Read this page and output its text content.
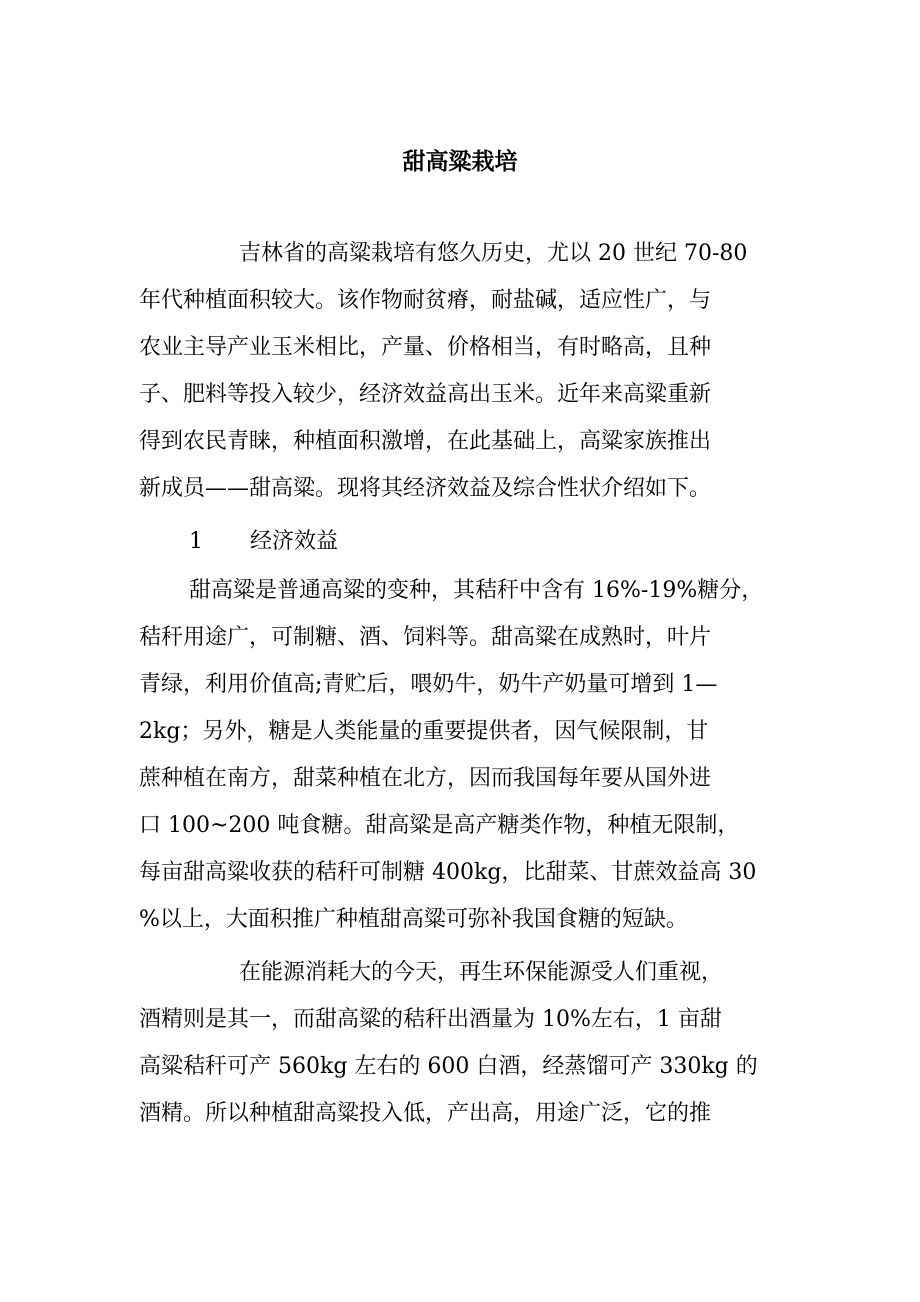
甜高粱栽培
吉林省的高粱栽培有悠久历史，尤以 20 世纪 70-80
年代种植面积较大。该作物耐贫瘠，耐盐碱，适应性广，与
农业主导产业玉米相比，产量、价格相当，有时略高，且种
子、肥料等投入较少，经济效益高出玉米。近年来高粱重新
得到农民青睐，种植面积激增，在此基础上，高粱家族推出
新成员——甜高粱。现将其经济效益及综合性状介绍如下。
1 经济效益
甜高粱是普通高粱的变种，其秸秆中含有 16%-19%糖分，
秸秆用途广，可制糖、酒、饲料等。甜高粱在成熟时，叶片
青绿，利用价值高;青贮后，喂奶牛，奶牛产奶量可增到 1—
2kg；另外，糖是人类能量的重要提供者，因气候限制，甘
蔗种植在南方，甜菜种植在北方，因而我国每年要从国外进
口 100~200 吨食糖。甜高粱是高产糖类作物，种植无限制，
每亩甜高粱收获的秸秆可制糖 400kg，比甜菜、甘蔗效益高 30
%以上，大面积推广种植甜高粱可弥补我国食糖的短缺。
在能源消耗大的今天，再生环保能源受人们重视，
酒精则是其一，而甜高粱的秸秆出酒量为 10%左右，1 亩甜
高粱秸秆可产 560kg 左右的 600 白酒，经蒸馏可产 330kg 的
酒精。所以种植甜高粱投入低，产出高，用途广泛，它的推
